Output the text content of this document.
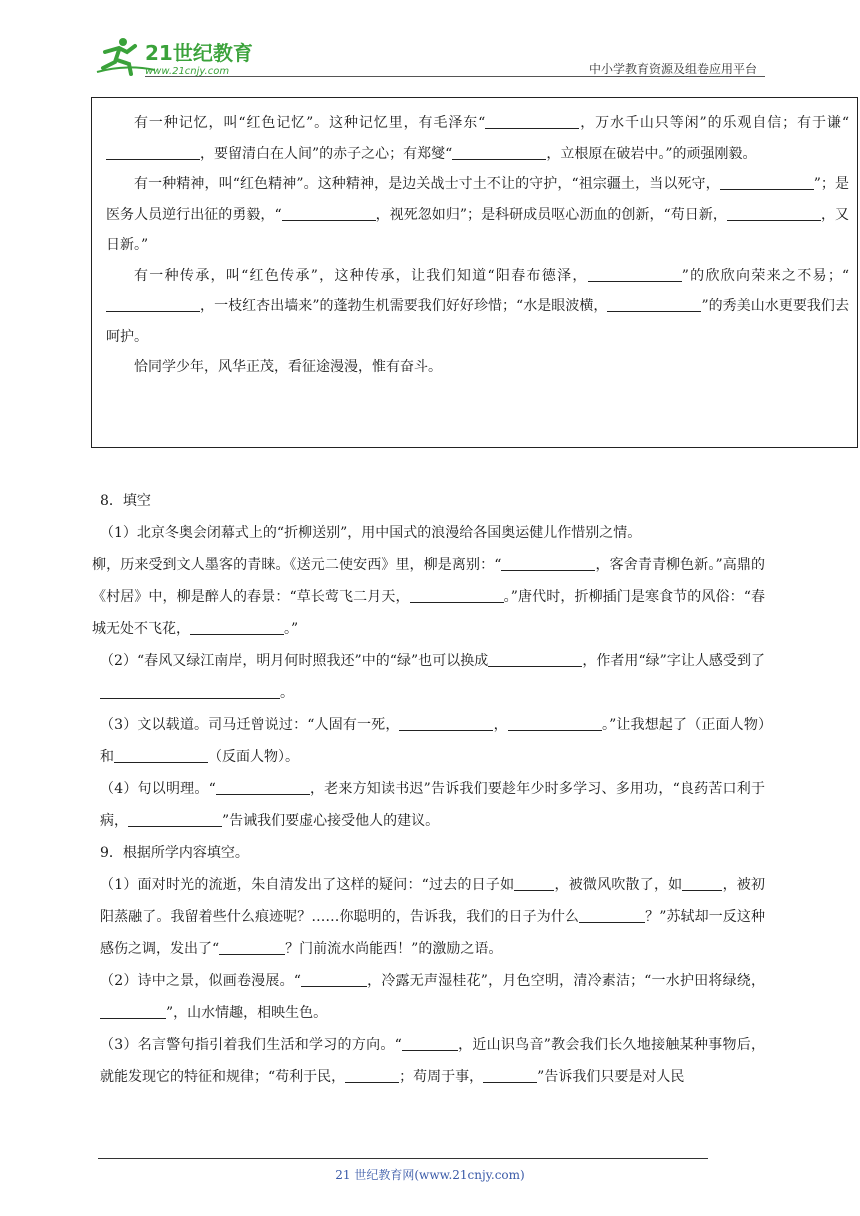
21世纪教育
www.21cnjy.com	中小学教育资源及组卷应用平台

有一种记忆，叫“红色记忆”。这种记忆里，有毛泽东“	，万水千山只等闲”的乐观自信；有于谦“，要留清白在人间”的赤子之心；有郑燮“	，立根原在破岩中。”的顽强刚毅。

有一种精神，叫“红色精神”。这种精神，是边关战士寸土不让的守护，“祖宗疆土，当以死守，	”；是医务人员逆行出征的勇毅，“	，视死忽如归”；是科研成员呕心沥血的创新，“苟日新，	，又日新。”

有一种传承，叫“红色传承”，这种传承，让我们知道“阳春布德泽，	”的欣欣向荣来之不易；“，一枝红杏出墙来”的蓬勃生机需要我们好好珍惜；“水是眼波横，	”的秀美山水更要我们去呵护。

恰同学少年，风华正茂，看征途漫漫，惟有奋斗。

8．填空

（1）北京冬奥会闭幕式上的“折柳送别”，用中国式的浪漫给各国奥运健儿作惜别之情。

柳，历来受到文人墨客的青睐。《送元二使安西》里，柳是离别：“	，客舍青青柳色新。”高鼎的《村居》中，柳是醉人的春景：“草长莺飞二月天，	。”唐代时，折柳插门是寒食节的风俗：“春城无处不飞花，	。”

（2）“春风又绿江南岸，明月何时照我还”中的“绿”也可以换成	，作者用“绿”字让人感受到了。

（3）文以载道。司马迁曾说过：“人固有一死，	，	。”让我想起了（正面人物）和	（反面人物）。

（4）句以明理。“	，老来方知读书迟”告诉我们要趁年少时多学习、多用功，“良药苦口利于病，	”告诫我们要虚心接受他人的建议。

9．根据所学内容填空。

（1）面对时光的流逝，朱自清发出了这样的疑问：“过去的日子如	，被微风吹散了，如	，被初阳蒸融了。我留着些什么痕迹呢？……你聪明的，告诉我，我们的日子为什么	？”苏轼却一反这种感伤之调，发出了“	？门前流水尚能西！”的激励之语。

（2）诗中之景，似画卷漫展。“	，冷露无声湿桂花”，月色空明，清冷素洁；“一水护田将绿绕，”，山水情趣，相映生色。

（3）名言警句指引着我们生活和学习的方向。“	，近山识鸟音”教会我们长久地接触某种事物后，就能发现它的特征和规律；“苟利于民，	；苟周于事，	”告诉我们只要是对人民

21 世纪教育网(www.21cnjy.com)
